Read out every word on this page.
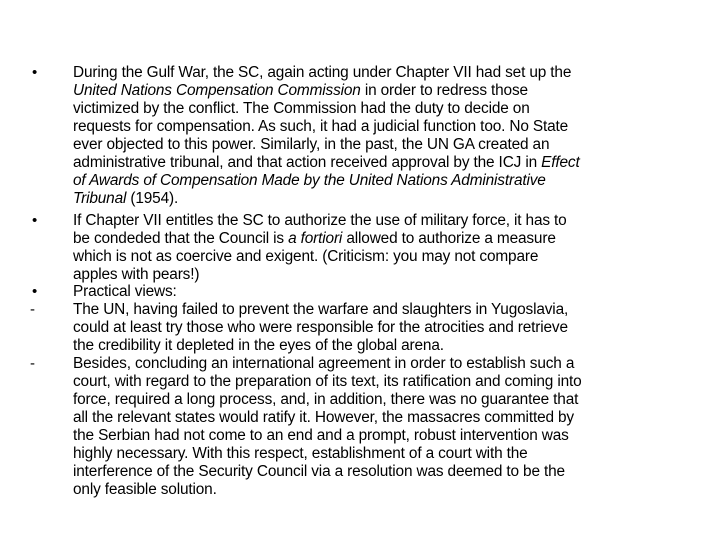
•	During the Gulf War, the SC, again acting under Chapter VII had set up the
United Nations Compensation Commission in order to redress those
victimized by the conflict. The Commission had the duty to decide on
requests for compensation. As such, it had a judicial function too. No State
ever objected to this power. Similarly, in the past, the UN GA created an
administrative tribunal, and that action received approval by the ICJ in Effect
of Awards of Compensation Made by the United Nations Administrative
Tribunal (1954).
•	If Chapter VII entitles the SC to authorize the use of military force, it has to
be condeded that the Council is a fortiori allowed to authorize a measure
which is not as coercive and exigent. (Criticism: you may not compare
apples with pears!)
•	Practical views:
-	The UN, having failed to prevent the warfare and slaughters in Yugoslavia,
could at least try those who were responsible for the atrocities and retrieve
the credibility it depleted in the eyes of the global arena.
-	Besides, concluding an international agreement in order to establish such a
court, with regard to the preparation of its text, its ratification and coming into
force, required a long process, and, in addition, there was no guarantee that
all the relevant states would ratify it. However, the massacres committed by
the Serbian had not come to an end and a prompt, robust intervention was
highly necessary. With this respect, establishment of a court with the
interference of the Security Council via a resolution was deemed to be the
only feasible solution.
